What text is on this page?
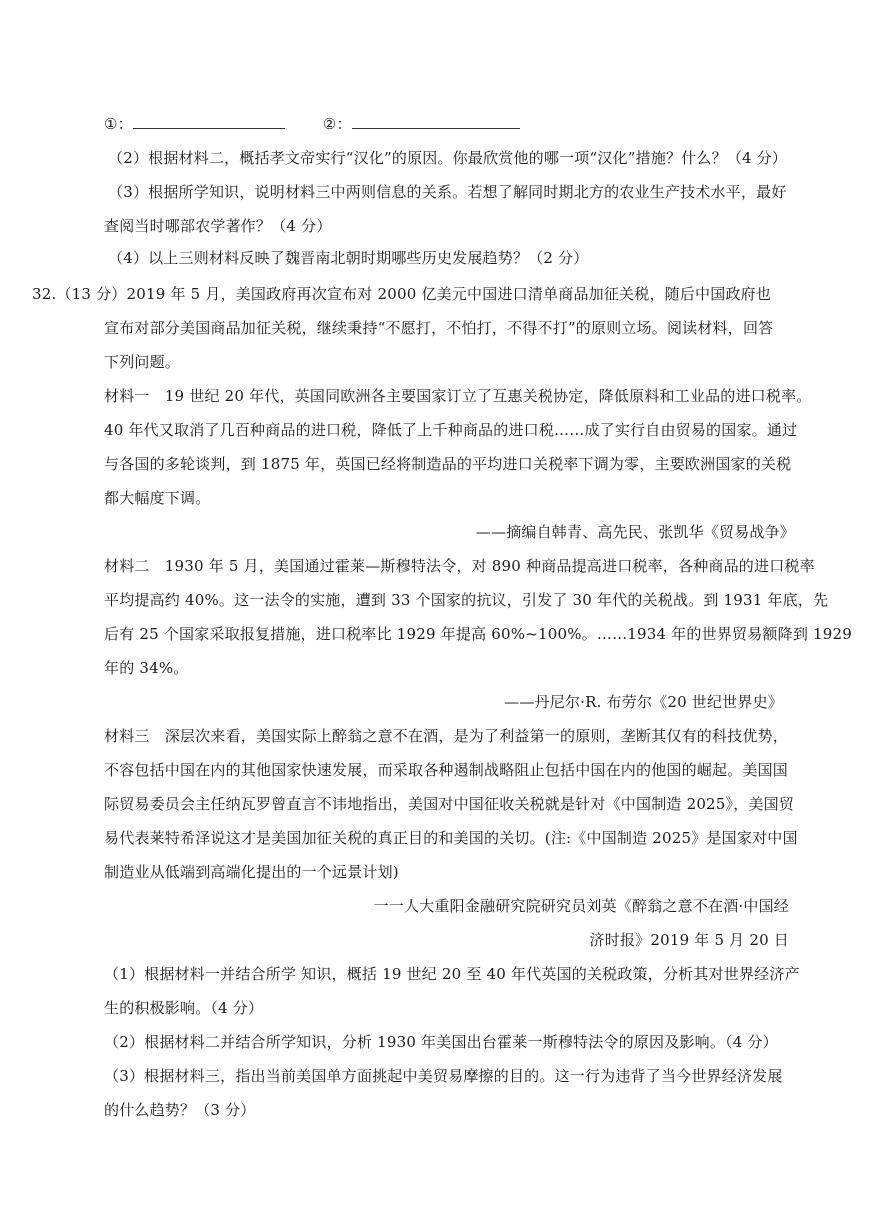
①：	②：
（2）根据材料二，概括孝文帝实行“汉化”的原因。你最欣赏他的哪一项“汉化”措施？什么？（4 分）
（3）根据所学知识，说明材料三中两则信息的关系。若想了解同时期北方的农业生产技术水平，最好
查阅当时哪部农学著作？（4 分）
（4）以上三则材料反映了魏晋南北朝时期哪些历史发展趋势？（2 分）
32.（13 分）2019 年 5 月，美国政府再次宣布对 2000 亿美元中国进口清单商品加征关税，随后中国政府也
宣布对部分美国商品加征关税，继续秉持“不愿打，不怕打，不得不打”的原则立场。阅读材料，回答
下列问题。
材料一　19 世纪 20 年代，英国同欧洲各主要国家订立了互惠关税协定，降低原料和工业品的进口税率。
40 年代又取消了几百种商品的进口税，降低了上千种商品的进口税……成了实行自由贸易的国家。通过
与各国的多轮谈判，到 1875 年，英国已经将制造品的平均进口关税率下调为零，主要欧洲国家的关税
都大幅度下调。
——摘编自韩青、高先民、张凯华《贸易战争》
材料二　1930 年 5 月，美国通过霍莱—斯穆特法令，对 890 种商品提高进口税率，各种商品的进口税率
平均提高约 40%。这一法令的实施，遭到 33 个国家的抗议，引发了 30 年代的关税战。到 1931 年底，先
后有 25 个国家采取报复措施，进口税率比 1929 年提高 60%~100%。……1934 年的世界贸易额降到 1929
年的 34%。
——丹尼尔·R. 布劳尔《20 世纪世界史》
材料三　深层次来看，美国实际上醉翁之意不在酒，是为了利益第一的原则，垄断其仅有的科技优势，
不容包括中国在内的其他国家快速发展，而采取各种遏制战略阻止包括中国在内的他国的崛起。美国国
际贸易委员会主任纳瓦罗曾直言不讳地指出，美国对中国征收关税就是针对《中国制造 2025》，美国贸
易代表莱特希泽说这才是美国加征关税的真正目的和美国的关切。(注:《中国制造 2025》是国家对中国
制造业从低端到高端化提出的一个远景计划)
一一人大重阳金融研究院研究员刘英《醉翁之意不在酒·中国经
济时报》2019 年 5 月 20 日
（1）根据材料一并结合所学 知识，概括 19 世纪 20 至 40 年代英国的关税政策，分析其对世界经济产
生的积极影响。（4 分）
（2）根据材料二并结合所学知识，分析 1930 年美国出台霍莱一斯穆特法令的原因及影响。（4 分）
（3）根据材料三，指出当前美国单方面挑起中美贸易摩擦的目的。这一行为违背了当今世界经济发展
的什么趋势？（3 分）
